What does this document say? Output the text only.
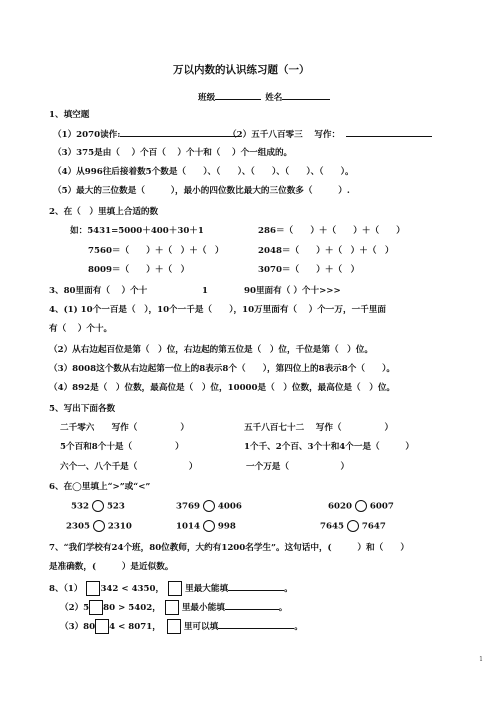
万以内数的认识练习题（一）
班级	姓名
1、填空题
（1）2070读作:	（2）五千八百零三　 写作：
（3）375是由（　 ）个百（　 ）个十和（　 ）个一组成的。
（4）从996往后接着数5个数是（　　）、（　　）、（　　）、（　　）、（　　）。
（5）最大的三位数是（　　　），最小的四位数比最大的三位数多（　　　）.
2、在（　）里填上合适的数
如：5431=5000＋400＋30＋1	286＝（　　）＋（　　）＋（　　）
7560＝（　　）＋（　）＋（　）	2048＝（　　）＋（　）＋（　）
8009＝（　　）＋（　）	3070＝（　　）＋（　）
3、80里面有（　 ）个十	1	90里面有（ ）个十>>>
4、(1) 10个一百是（　），10个一千是（　　），10万里面有（　 ）个一万，一千里面
有（　 ）个十。
（2）从右边起百位是第（　）位，右边起的第五位是（　）位，千位是第（　）位。
（3）8008这个数从右边起第一位上的8表示8个（　　），第四位上的8表示8个（　　）。
（4）892是（　）位数，最高位是（　）位，10000是（　）位数，最高位是（　）位。
5、写出下面各数
二千零六　　写作（　　　　　）	五千八百七十二　 写作（　　　　　）
5个百和8个十是（　　　　　）	1个千、2个百、3个十和4个一是（　　　）
六个一、八个千是（　　　　　　）	一个万是（　　　　　　）
6、在◯里填上“>”或“<”
532 523	3769 4006	6020 6007
2305 2310	1014 998	7645 7647
7、“我们学校有24个班，80位教师，大约有1200名学生”。这句话中，(　　　）和（　　）
是准确数，(　　　）是近似数。
8、（1） 342 < 4350， 里最大能填	。
（2）5 80 > 5402， 里最小能填	。
（3）80 4 < 8071，	里可以填	。
1
